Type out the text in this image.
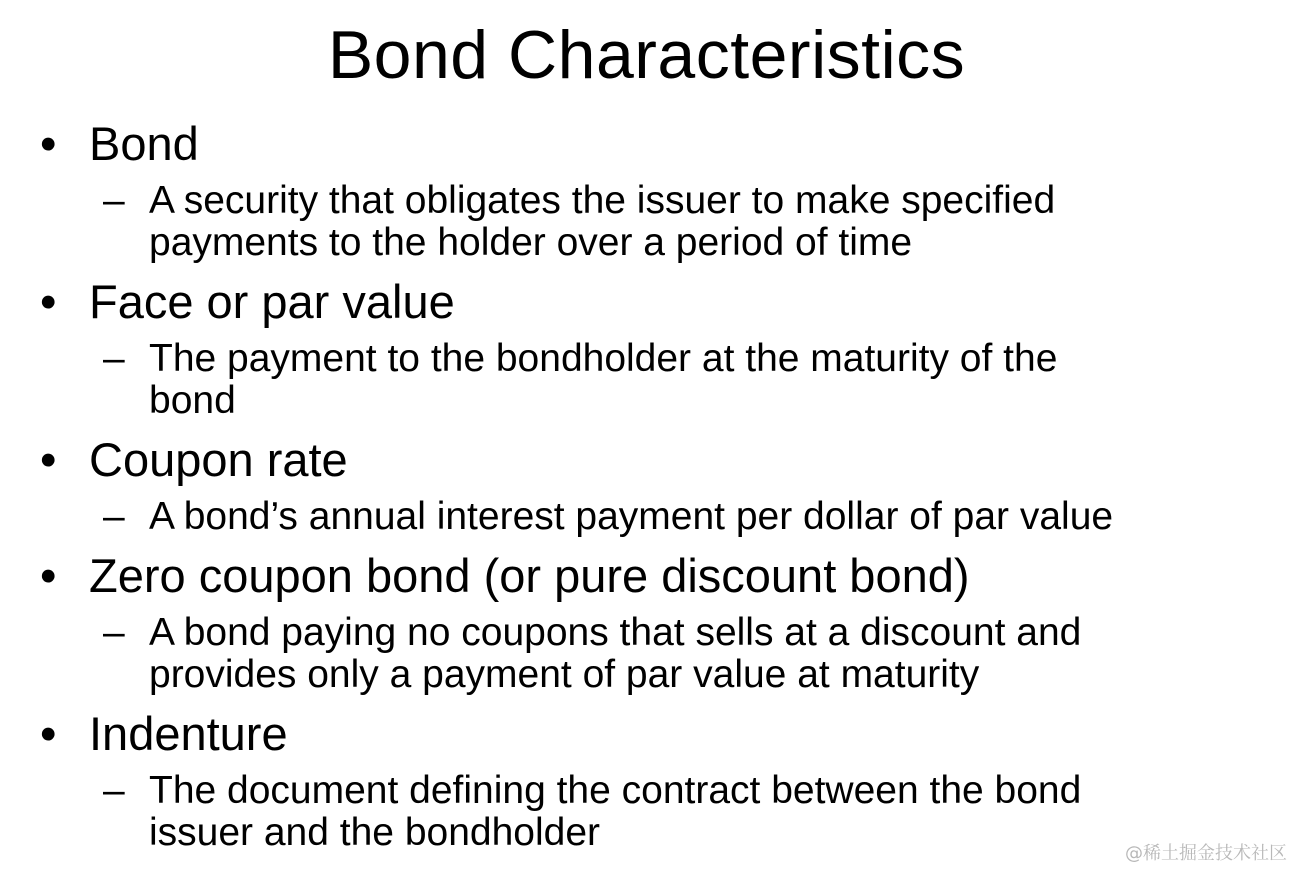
Bond Characteristics
• Bond
– A security that obligates the issuer to make specified
payments to the holder over a period of time
• Face or par value
– The payment to the bondholder at the maturity of the
bond
• Coupon rate
– A bond’s annual interest payment per dollar of par value
• Zero coupon bond (or pure discount bond)
– A bond paying no coupons that sells at a discount and
provides only a payment of par value at maturity
• Indenture
– The document defining the contract between the bond
issuer and the bondholder	@稀土掘金技术社区
